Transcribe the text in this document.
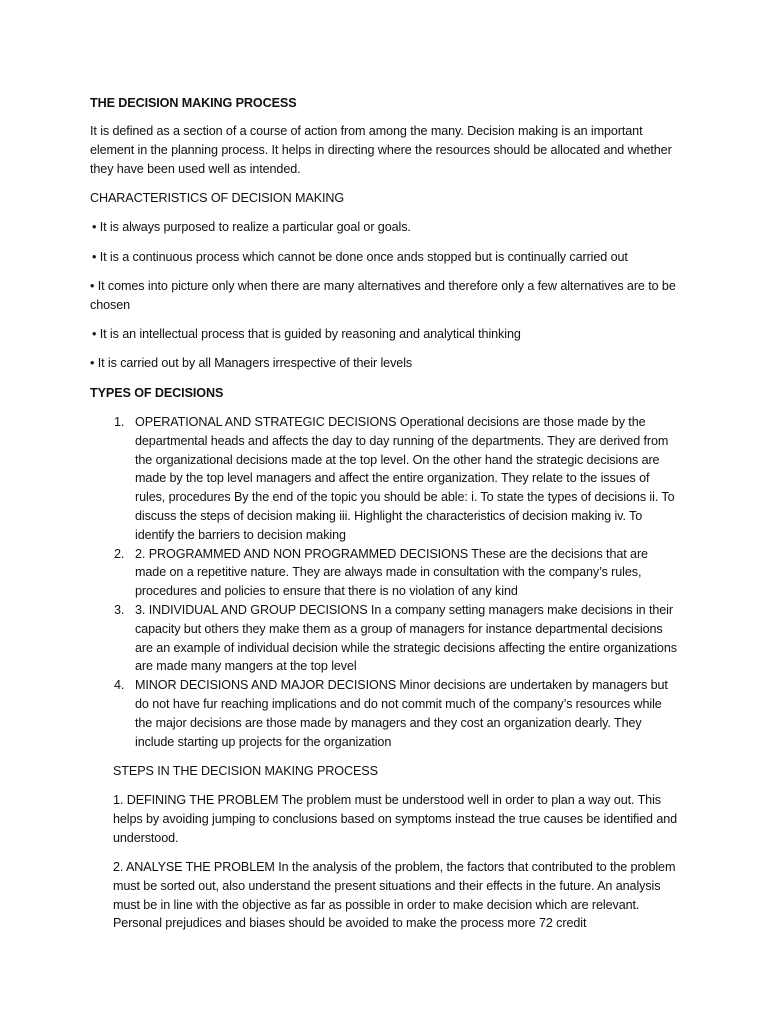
THE DECISION MAKING PROCESS
It is defined as a section of a course of action from among the many. Decision making is an important element in the planning process. It helps in directing where the resources should be allocated and whether they have been used well as intended.
CHARACTERISTICS OF DECISION MAKING
• It is always purposed to realize a particular goal or goals.
• It is a continuous process which cannot be done once ands stopped but is continually carried out
• It comes into picture only when there are many alternatives and therefore only a few alternatives are to be chosen
• It is an intellectual process that is guided by reasoning and analytical thinking
• It is carried out by all Managers irrespective of their levels
TYPES OF DECISIONS
1. OPERATIONAL AND STRATEGIC DECISIONS Operational decisions are those made by the departmental heads and affects the day to day running of the departments. They are derived from the organizational decisions made at the top level. On the other hand the strategic decisions are made by the top level managers and affect the entire organization. They relate to the issues of rules, procedures By the end of the topic you should be able: i. To state the types of decisions ii. To discuss the steps of decision making iii. Highlight the characteristics of decision making iv. To identify the barriers to decision making
2. 2. PROGRAMMED AND NON PROGRAMMED DECISIONS These are the decisions that are made on a repetitive nature. They are always made in consultation with the company’s rules, procedures and policies to ensure that there is no violation of any kind
3. 3. INDIVIDUAL AND GROUP DECISIONS In a company setting managers make decisions in their capacity but others they make them as a group of managers for instance departmental decisions are an example of individual decision while the strategic decisions affecting the entire organizations are made many mangers at the top level
4. MINOR DECISIONS AND MAJOR DECISIONS Minor decisions are undertaken by managers but do not have fur reaching implications and do not commit much of the company’s resources while the major decisions are those made by managers and they cost an organization dearly. They include starting up projects for the organization
STEPS IN THE DECISION MAKING PROCESS
1. DEFINING THE PROBLEM The problem must be understood well in order to plan a way out. This helps by avoiding jumping to conclusions based on symptoms instead the true causes be identified and understood.
2. ANALYSE THE PROBLEM In the analysis of the problem, the factors that contributed to the problem must be sorted out, also understand the present situations and their effects in the future. An analysis must be in line with the objective as far as possible in order to make decision which are relevant. Personal prejudices and biases should be avoided to make the process more 72 credit
